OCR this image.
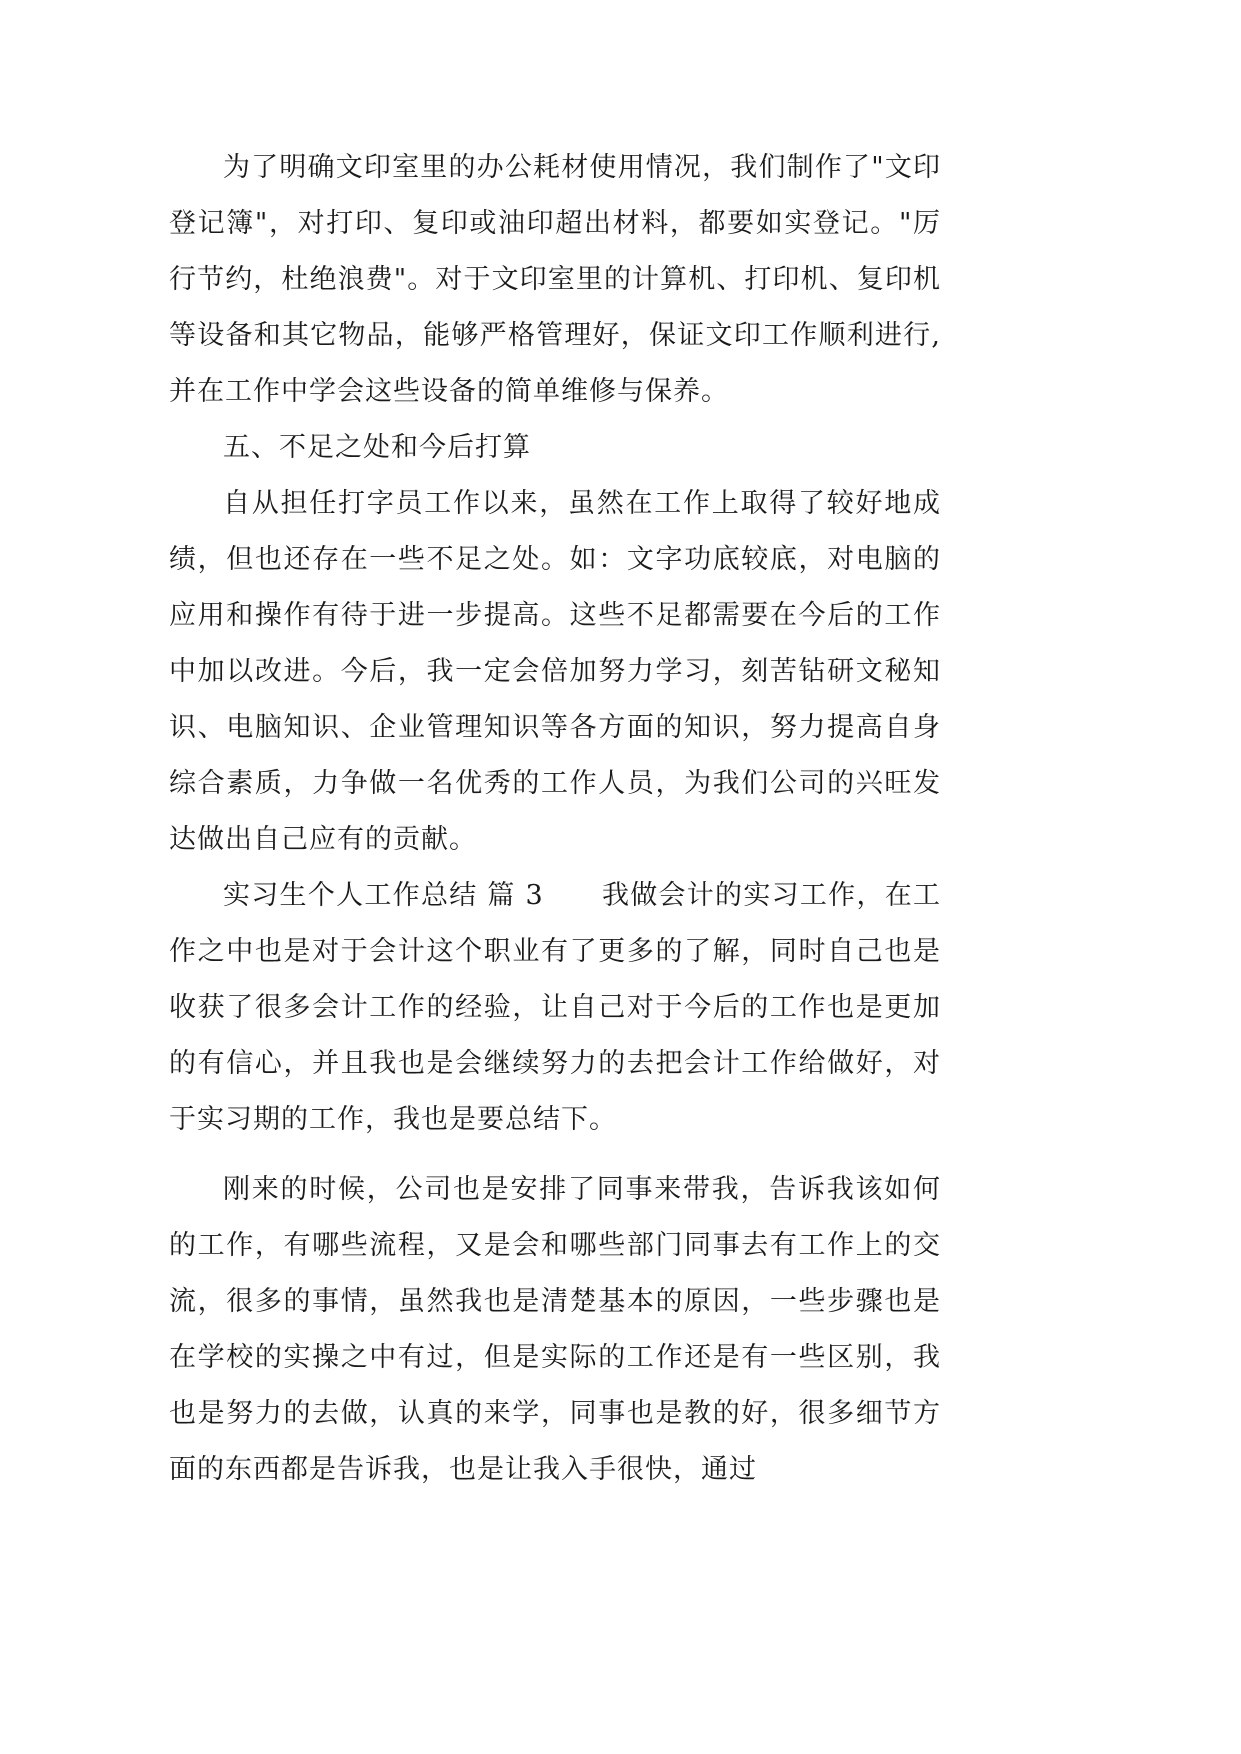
为了明确文印室里的办公耗材使用情况，我们制作了"文印登记簿"，对打印、复印或油印超出材料，都要如实登记。"厉行节约，杜绝浪费"。对于文印室里的计算机、打印机、复印机等设备和其它物品，能够严格管理好，保证文印工作顺利进行,并在工作中学会这些设备的简单维修与保养。

五、不足之处和今后打算

自从担任打字员工作以来，虽然在工作上取得了较好地成绩，但也还存在一些不足之处。如：文字功底较底，对电脑的应用和操作有待于进一步提高。这些不足都需要在今后的工作中加以改进。今后，我一定会倍加努力学习，刻苦钻研文秘知识、电脑知识、企业管理知识等各方面的知识，努力提高自身综合素质，力争做一名优秀的工作人员，为我们公司的兴旺发达做出自己应有的贡献。

实习生个人工作总结 篇 3 我做会计的实习工作，在工作之中也是对于会计这个职业有了更多的了解，同时自己也是收获了很多会计工作的经验，让自己对于今后的工作也是更加的有信心，并且我也是会继续努力的去把会计工作给做好，对于实习期的工作，我也是要总结下。

刚来的时候，公司也是安排了同事来带我，告诉我该如何的工作，有哪些流程，又是会和哪些部门同事去有工作上的交流，很多的事情，虽然我也是清楚基本的原因，一些步骤也是在学校的实操之中有过，但是实际的工作还是有一些区别，我也是努力的去做，认真的来学，同事也是教的好，很多细节方面的东西都是告诉我，也是让我入手很快，通过
